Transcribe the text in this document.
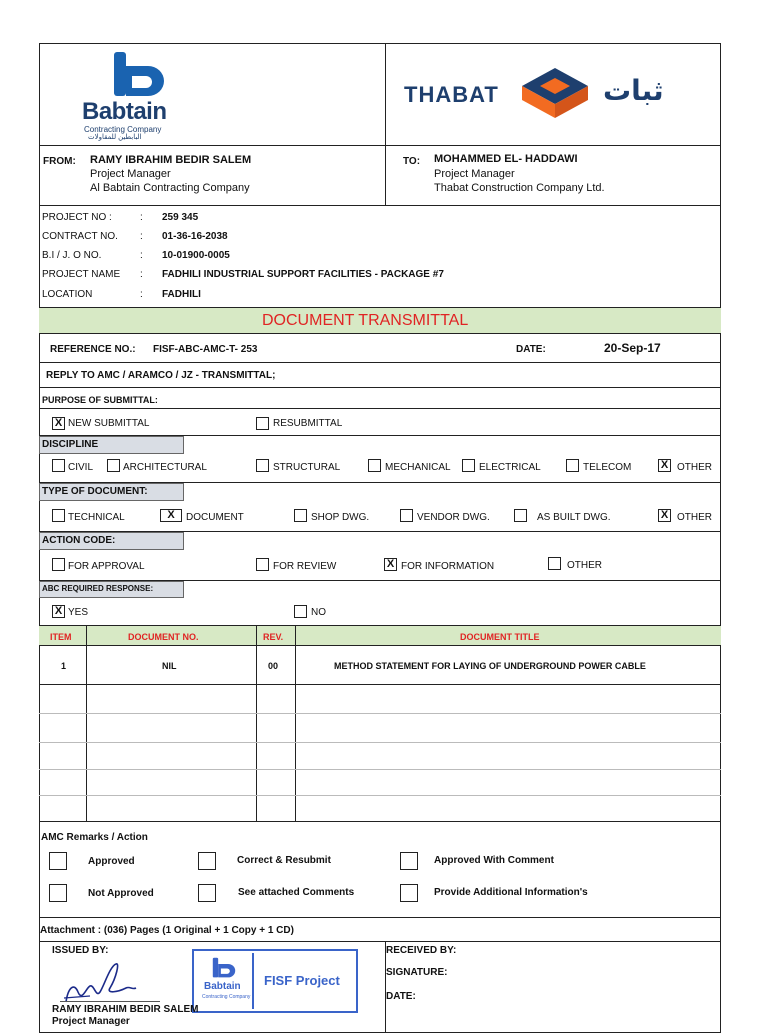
Babtain
Contracting Company
البابطين للمقاولات
THABAT	ثبات
FROM: RAMY IBRAHIM BEDIR SALEM
Project Manager
Al Babtain Contracting Company
TO: MOHAMMED EL- HADDAWI
Project Manager
Thabat Construction Company Ltd.
PROJECT NO :	: 259 345
CONTRACT NO. : 01-36-16-2038
B.I / J. O NO.	: 10-01900-0005
PROJECT NAME : FADHILI INDUSTRIAL SUPPORT FACILITIES - PACKAGE #7
LOCATION	: FADHILI
DOCUMENT TRANSMITTAL
REFERENCE NO.: FISF-ABC-AMC-T- 253	DATE:	20-Sep-17
REPLY TO AMC / ARAMCO / JZ - TRANSMITTAL;
PURPOSE OF SUBMITTAL:
X NEW SUBMITTAL	RESUBMITTAL
DISCIPLINE
CIVIL	ARCHITECTURAL	STRUCTURAL	MECHANICAL	ELECTRICAL	TELECOM	X OTHER
TYPE OF DOCUMENT:
TECHNICAL	X	DOCUMENT	SHOP DWG.	VENDOR DWG.	AS BUILT DWG.	X OTHER
ACTION CODE:
FOR APPROVAL	FOR REVIEW	X FOR INFORMATION	OTHER
ABC REQUIRED RESPONSE:
X YES	NO
ITEM	DOCUMENT NO.	REV.	DOCUMENT TITLE
1	NIL	00	METHOD STATEMENT FOR LAYING OF UNDERGROUND POWER CABLE
AMC Remarks / Action
Approved	Correct & Resubmit	Approved With Comment
Not Approved	See attached Comments	Provide Additional Information's
Attachment : (036) Pages (1 Original + 1 Copy + 1 CD)
ISSUED BY:
Babtain
Contracting Company
FISF Project
RAMY IBRAHIM BEDIR SALEM
Project Manager
RECEIVED BY:
SIGNATURE:
DATE:
